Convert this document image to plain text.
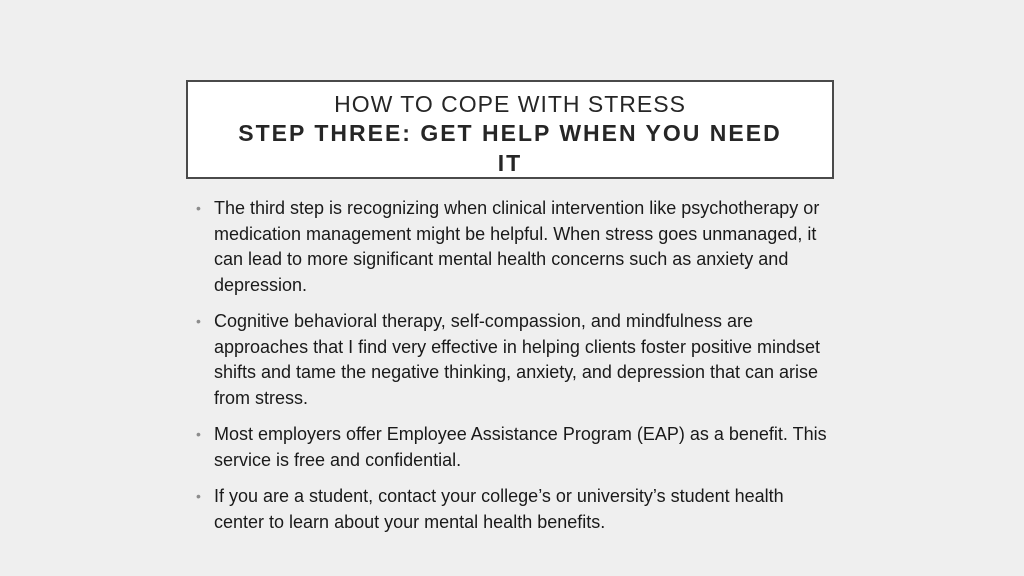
HOW TO COPE WITH STRESS
STEP THREE: GET HELP WHEN YOU NEED IT
• The third step is recognizing when clinical intervention like psychotherapy or medication management might be helpful. When stress goes unmanaged, it can lead to more significant mental health concerns such as anxiety and depression.
• Cognitive behavioral therapy, self-compassion, and mindfulness are approaches that I find very effective in helping clients foster positive mindset shifts and tame the negative thinking, anxiety, and depression that can arise from stress.
• Most employers offer Employee Assistance Program (EAP) as a benefit. This service is free and confidential.
• If you are a student, contact your college’s or university’s student health center to learn about your mental health benefits.
